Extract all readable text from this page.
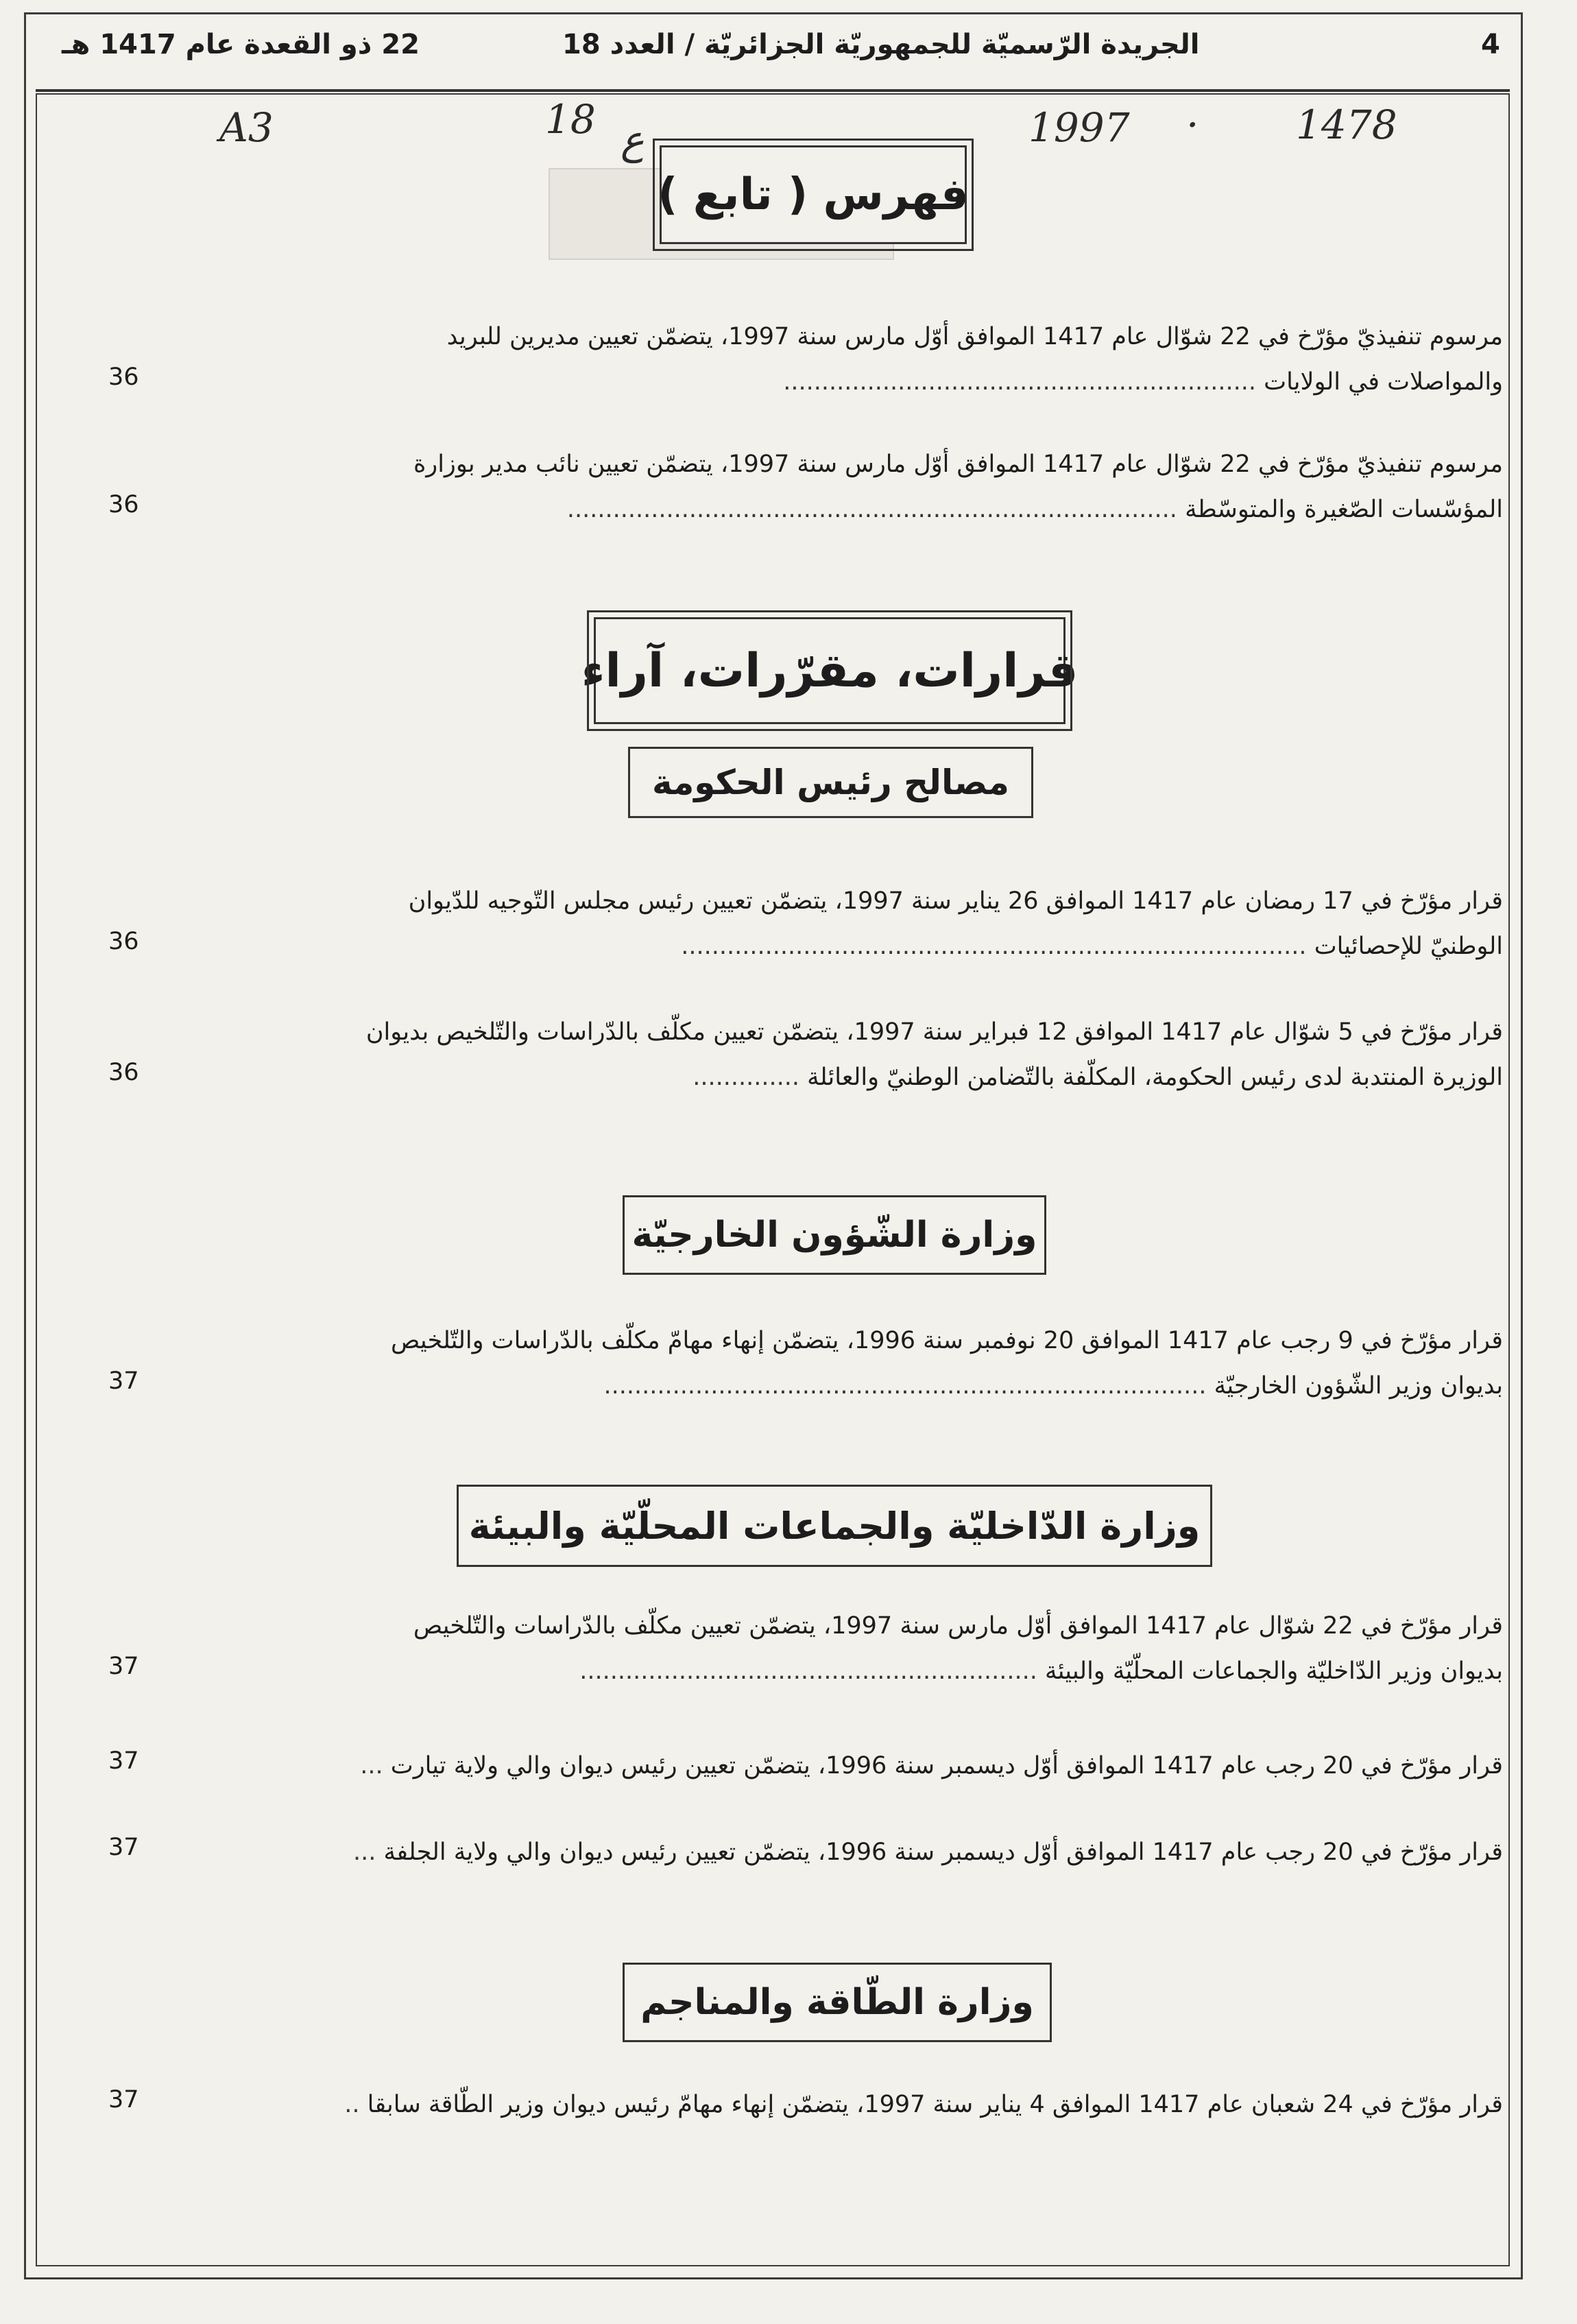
4
الجريدة الرّسميّة للجمهوريّة الجزائريّة / العدد 18
22 ذو القعدة عام 1417 هـ
A3	18 ع	1997 · 1478
فهرس ( تابع )
مرسوم تنفيذيّ مؤرّخ في 22 شوّال عام 1417 الموافق أوّل مارس سنة 1997، يتضمّن تعيين مديرين للبريد
والمواصلات في الولايات ..............................................................
36
مرسوم تنفيذيّ مؤرّخ في 22 شوّال عام 1417 الموافق أوّل مارس سنة 1997، يتضمّن تعيين نائب مدير بوزارة
المؤسّسات الصّغيرة والمتوسّطة ................................................................................
36
قرارات، مقرّرات، آراء
مصالح رئيس الحكومة
قرار مؤرّخ في 17 رمضان عام 1417 الموافق 26 يناير سنة 1997، يتضمّن تعيين رئيس مجلس التّوجيه للدّيوان
الوطنيّ للإحصائيات ..................................................................................
36
قرار مؤرّخ في 5 شوّال عام 1417 الموافق 12 فبراير سنة 1997، يتضمّن تعيين مكلّف بالدّراسات والتّلخيص بديوان
الوزيرة المنتدبة لدى رئيس الحكومة، المكلّفة بالتّضامن الوطنيّ والعائلة ..............
36
وزارة الشّؤون الخارجيّة
قرار مؤرّخ في 9 رجب عام 1417 الموافق 20 نوفمبر سنة 1996، يتضمّن إنهاء مهامّ مكلّف بالدّراسات والتّلخيص
بديوان وزير الشّؤون الخارجيّة ...............................................................................
37
وزارة الدّاخليّة والجماعات المحلّيّة والبيئة
قرار مؤرّخ في 22 شوّال عام 1417 الموافق أوّل مارس سنة 1997، يتضمّن تعيين مكلّف بالدّراسات والتّلخيص
بديوان وزير الدّاخليّة والجماعات المحلّيّة والبيئة ............................................................
37
قرار مؤرّخ في 20 رجب عام 1417 الموافق أوّل ديسمبر سنة 1996، يتضمّن تعيين رئيس ديوان والي ولاية تيارت ...
37
قرار مؤرّخ في 20 رجب عام 1417 الموافق أوّل ديسمبر سنة 1996، يتضمّن تعيين رئيس ديوان والي ولاية الجلفة ...
37
وزارة الطّاقة والمناجم
قرار مؤرّخ في 24 شعبان عام 1417 الموافق 4 يناير سنة 1997، يتضمّن إنهاء مهامّ رئيس ديوان وزير الطّاقة سابقا ..
37
